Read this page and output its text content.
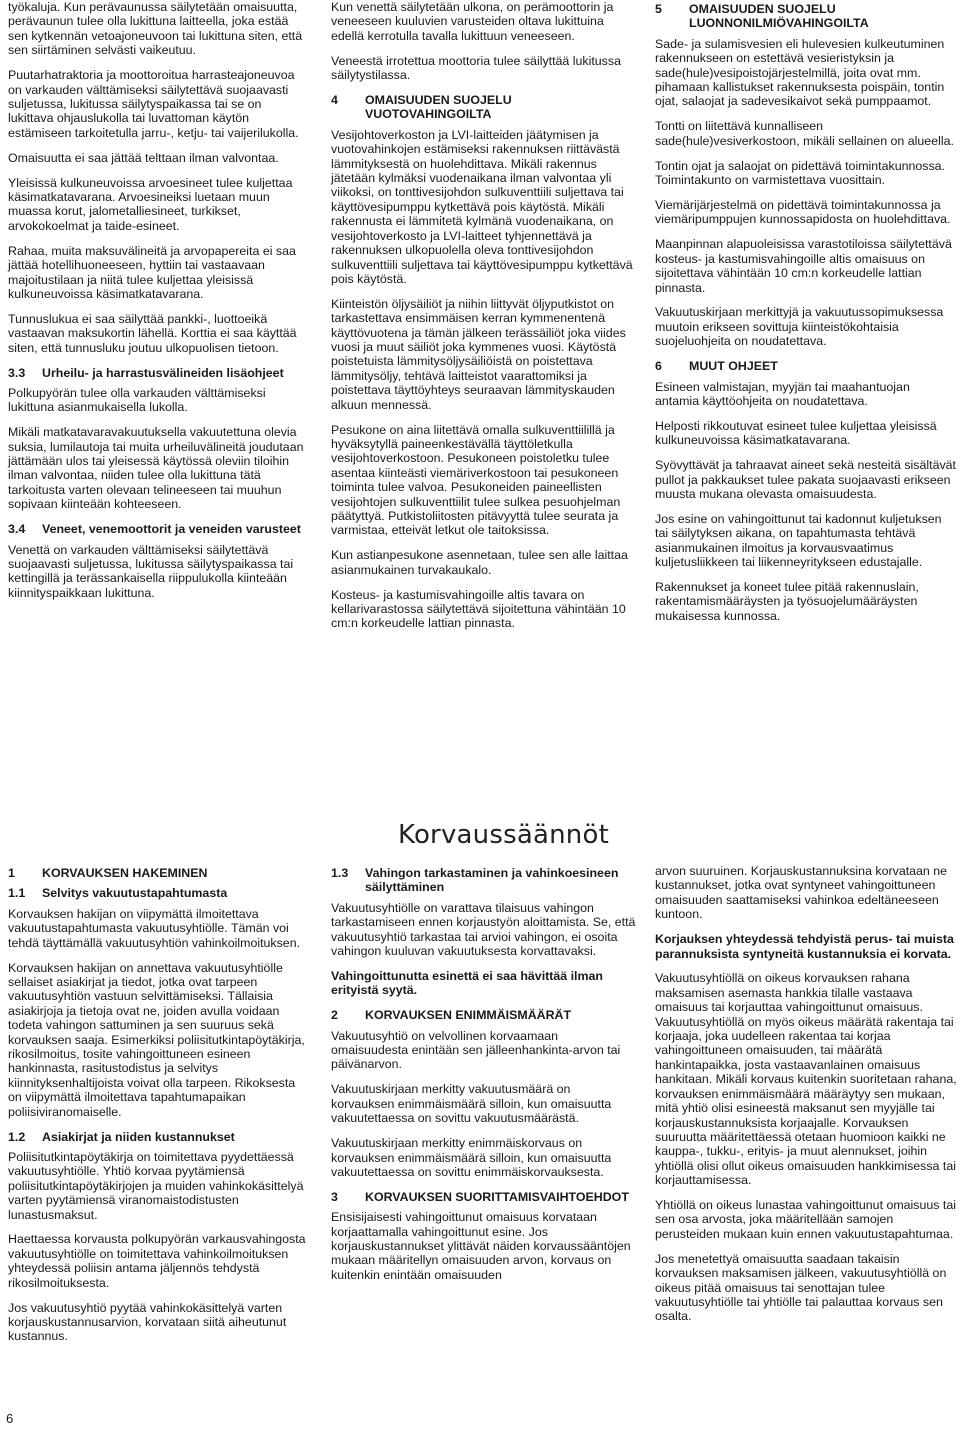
työkaluja. Kun perävaunussa säilytetään omaisuutta, perävaunun tulee olla lukittuna laitteella, joka estää sen kytkennän vetoajoneuvoon tai lukittuna siten, että sen siirtäminen selvästi vaikeutuu.

Puutarhatraktoria ja moottoroitua harrasteajoneuvoa on varkauden välttämiseksi säilytettävä suojaavasti suljetussa, lukitussa säilytyspaikassa tai se on lukittava ohjauslukolla tai luvattoman käytön estämiseen tarkoitetulla jarru-, ketju- tai vaijerilukolla.

Omaisuutta ei saa jättää telttaan ilman valvontaa.

Yleisissä kulkuneuvoissa arvoesineet tulee kuljettaa käsimatkatavarana. Arvoesineiksi luetaan muun muassa korut, jalometalliesineet, turkikset, arvokokoelmat ja taide-esineet.

Rahaa, muita maksuvälineitä ja arvopapereita ei saa jättää hotellihuoneeseen, hyttiin tai vastaavaan majoitustilaan ja niitä tulee kuljettaa yleisissä kulkuneuvoissa käsimatkatavarana.

Tunnuslukua ei saa säilyttää pankki-, luottoeikä vastaavan maksukortin lähellä. Korttia ei saa käyttää siten, että tunnusluku joutuu ulkopuolisen tietoon.

3.3	Urheilu- ja harrastusvälineiden lisäohjeet

Polkupyörän tulee olla varkauden välttämiseksi lukittuna asianmukaisella lukolla.

Mikäli matkatavaravakuutuksella vakuutettuna olevia suksia, lumilautoja tai muita urheiluvälineitä joudutaan jättämään ulos tai yleisessä käytössä oleviin tiloihin ilman valvontaa, niiden tulee olla lukittuna tätä tarkoitusta varten olevaan telineeseen tai muuhun sopivaan kiinteään kohteeseen.

3.4	Veneet, venemoottorit ja veneiden varusteet

Venettä on varkauden välttämiseksi säilytettävä suojaavasti suljetussa, lukitussa säilytyspaikassa tai kettingillä ja terässankaisella riippulukolla kiinteään kiinnityspaikkaan lukittuna.

Kun venettä säilytetään ulkona, on perämoottorin ja veneeseen kuuluvien varusteiden oltava lukittuina edellä kerrotulla tavalla lukittuun veneeseen.

Veneestä irrotettua moottoria tulee säilyttää lukitussa säilytystilassa.

4	OMAISUUDEN SUOJELU VUOTOVAHINGOILTA

Vesijohtoverkoston ja LVI-laitteiden jäätymisen ja vuotovahinkojen estämiseksi rakennuksen riittävästä lämmityksestä on huolehdittava. Mikäli rakennus jätetään kylmäksi vuodenaikana ilman valvontaa yli viikoksi, on tonttivesijohdon sulkuventtiili suljettava tai käyttövesipumppu kytkettävä pois käytöstä. Mikäli rakennusta ei lämmitetä kylmänä vuodenaikana, on vesijohtoverkosto ja LVI-laitteet tyhjennettävä ja rakennuksen ulkopuolella oleva tonttivesijohdon sulkuventtiili suljettava tai käyttövesipumppu kytkettävä pois käytöstä.

Kiinteistön öljysäiliöt ja niihin liittyvät öljyputkistot on tarkastettava ensimmäisen kerran kymmenentenä käyttövuotena ja tämän jälkeen terässäiliöt joka viides vuosi ja muut säiliöt joka kymmenes vuosi. Käytöstä poistetuista lämmitysöljysäiliöistä on poistettava lämmitysöljy, tehtävä laitteistot vaarattomiksi ja poistettava täyttöyhteys seuraavan lämmityskauden alkuun mennessä.

Pesukone on aina liitettävä omalla sulkuventtiilillä ja hyväksytyllä paineenkestävällä täyttöletkulla vesijohtoverkostoon. Pesukoneen poistoletku tulee asentaa kiinteästi viemäriverkostoon tai pesukoneen toiminta tulee valvoa. Pesukoneiden paineellisten vesijohtojen sulkuventtiilit tulee sulkea pesuohjelman päätyttyä. Putkistoliitosten pitävyyttä tulee seurata ja varmistaa, etteivät letkut ole taitoksissa.

Kun astianpesukone asennetaan, tulee sen alle laittaa asianmukainen turvakaukalo.

Kosteus- ja kastumisvahingoille altis tavara on kellarivarastossa säilytettävä sijoitettuna vähintään 10 cm:n korkeudelle lattian pinnasta.

5	OMAISUUDEN SUOJELU LUONNONILMIÖVAHINGOILTA

Sade- ja sulamisvesien eli hulevesien kulkeutuminen rakennukseen on estettävä vesieristyksin ja sade(hule)vesipoistojärjestelmillä, joita ovat mm. pihamaan kallistukset rakennuksesta poispäin, tontin ojat, salaojat ja sadevesikaivot sekä pumppaamot.

Tontti on liitettävä kunnalliseen sade(hule)vesiverkostoon, mikäli sellainen on alueella.

Tontin ojat ja salaojat on pidettävä toimintakunnossa. Toimintakunto on varmistettava vuosittain.

Viemärijärjestelmä on pidettävä toimintakunnossa ja viemäripumppujen kunnossapidosta on huolehdittava.

Maanpinnan alapuoleisissa varastotiloissa säilytettävä kosteus- ja kastumisvahingoille altis omaisuus on sijoitettava vähintään 10 cm:n korkeudelle lattian pinnasta.

Vakuutuskirjaan merkittyjä ja vakuutussopimuksessa muutoin erikseen sovittuja kiinteistökohtaisia suojeluohjeita on noudatettava.

6	MUUT OHJEET

Esineen valmistajan, myyjän tai maahantuojan antamia käyttöohjeita on noudatettava.

Helposti rikkoutuvat esineet tulee kuljettaa yleisissä kulkuneuvoissa käsimatkatavarana.

Syövyttävät ja tahraavat aineet sekä nesteitä sisältävät pullot ja pakkaukset tulee pakata suojaavasti erikseen muusta mukana olevasta omaisuudesta.

Jos esine on vahingoittunut tai kadonnut kuljetuksen tai säilytyksen aikana, on tapahtumasta tehtävä asianmukainen ilmoitus ja korvausvaatimus kuljetusliikkeen tai liikenneyritykseen edustajalle.

Rakennukset ja koneet tulee pitää rakennuslain, rakentamismääräysten ja työsuojelumääräysten mukaisessa kunnossa.

Korvaussäännöt
1	KORVAUKSEN HAKEMINEN
1.1	Selvitys vakuutustapahtumasta

Korvauksen hakijan on viipymättä ilmoitettava vakuutustapahtumasta vakuutusyhtiölle. Tämän voi tehdä täyttämällä vakuutusyhtiön vahinkoilmoituksen.

Korvauksen hakijan on annettava vakuutusyhtiölle sellaiset asiakirjat ja tiedot, jotka ovat tarpeen vakuutusyhtiön vastuun selvittämiseksi. Tällaisia asiakirjoja ja tietoja ovat ne, joiden avulla voidaan todeta vahingon sattuminen ja sen suuruus sekä korvauksen saaja. Esimerkiksi poliisitutkintapöytäkirja, rikosilmoitus, tosite vahingoittuneen esineen hankinnasta, rasitustodistus ja selvitys kiinnityksenhaltijoista voivat olla tarpeen. Rikoksesta on viipymättä ilmoitettava tapahtumapaikan poliisiviranomaiselle.

1.2	Asiakirjat ja niiden kustannukset

Poliisitutkintapöytäkirja on toimitettava pyydettäessä vakuutusyhtiölle. Yhtiö korvaa pyytämiensä poliisitutkintapöytäkirjojen ja muiden vahinkokäsittelyä varten pyytämiensä viranomaistodistusten lunastusmaksut.

Haettaessa korvausta polkupyörän varkausvahingosta vakuutusyhtiölle on toimitettava vahinkoilmoituksen yhteydessä poliisin antama jäljennös tehdystä rikosilmoituksesta.

Jos vakuutusyhtiö pyytää vahinkokäsittelyä varten korjauskustannusarvion, korvataan siitä aiheutunut kustannus.

1.3	Vahingon tarkastaminen ja vahinkoesineen säilyttäminen

Vakuutusyhtiölle on varattava tilaisuus vahingon tarkastamiseen ennen korjaustyön aloittamista. Se, että vakuutusyhtiö tarkastaa tai arvioi vahingon, ei osoita vahingon kuuluvan vakuutuksesta korvattavaksi.

Vahingoittunutta esinettä ei saa hävittää ilman erityistä syytä.

2	KORVAUKSEN ENIMMÄISMÄÄRÄT

Vakuutusyhtiö on velvollinen korvaamaan omaisuudesta enintään sen jälleenhankinta-arvon tai päivänarvon.

Vakuutuskirjaan merkitty vakuutusmäärä on korvauksen enimmäismäärä silloin, kun omaisuutta vakuutettaessa on sovittu vakuutusmäärästä.

Vakuutuskirjaan merkitty enimmäiskorvaus on korvauksen enimmäismäärä silloin, kun omaisuutta vakuutettaessa on sovittu enimmäiskorvauksesta.

3	KORVAUKSEN SUORITTAMISVAIHTOEHDOT

Ensisijaisesti vahingoittunut omaisuus korvataan korjaattamalla vahingoittunut esine. Jos korjauskustannukset ylittävät näiden korvaussääntöjen mukaan määritellyn omaisuuden arvon, korvaus on kuitenkin enintään omaisuuden

arvon suuruinen. Korjauskustannuksina korvataan ne kustannukset, jotka ovat syntyneet vahingoittuneen omaisuuden saattamiseksi vahinkoa edeltäneeseen kuntoon.

Korjauksen yhteydessä tehdyistä perus- tai muista parannuksista syntyneitä kustannuksia ei korvata.

Vakuutusyhtiöllä on oikeus korvauksen rahana maksamisen asemasta hankkia tilalle vastaava omaisuus tai korjauttaa vahingoittunut omaisuus. Vakuutusyhtiöllä on myös oikeus määrätä rakentaja tai korjaaja, joka uudelleen rakentaa tai korjaa vahingoittuneen omaisuuden, tai määrätä hankintapaikka, josta vastaavanlainen omaisuus hankitaan. Mikäli korvaus kuitenkin suoritetaan rahana, korvauksen enimmäismäärä määräytyy sen mukaan, mitä yhtiö olisi esineestä maksanut sen myyjälle tai korjauskustannuksista korjaajalle. Korvauksen suuruutta määritettäessä otetaan huomioon kaikki ne kauppa-, tukku-, erityis- ja muut alennukset, joihin yhtiöllä olisi ollut oikeus omaisuuden hankkimisessa tai korjauttamisessa.

Yhtiöllä on oikeus lunastaa vahingoittunut omaisuus tai sen osa arvosta, joka määritellään samojen perusteiden mukaan kuin ennen vakuutustapahtumaa.

Jos menetettyä omaisuutta saadaan takaisin korvauksen maksamisen jälkeen, vakuutusyhtiöllä on oikeus pitää omaisuus tai senottajan tulee vakuutusyhtiölle tai yhtiölle tai palauttaa korvaus sen osalta.

6
